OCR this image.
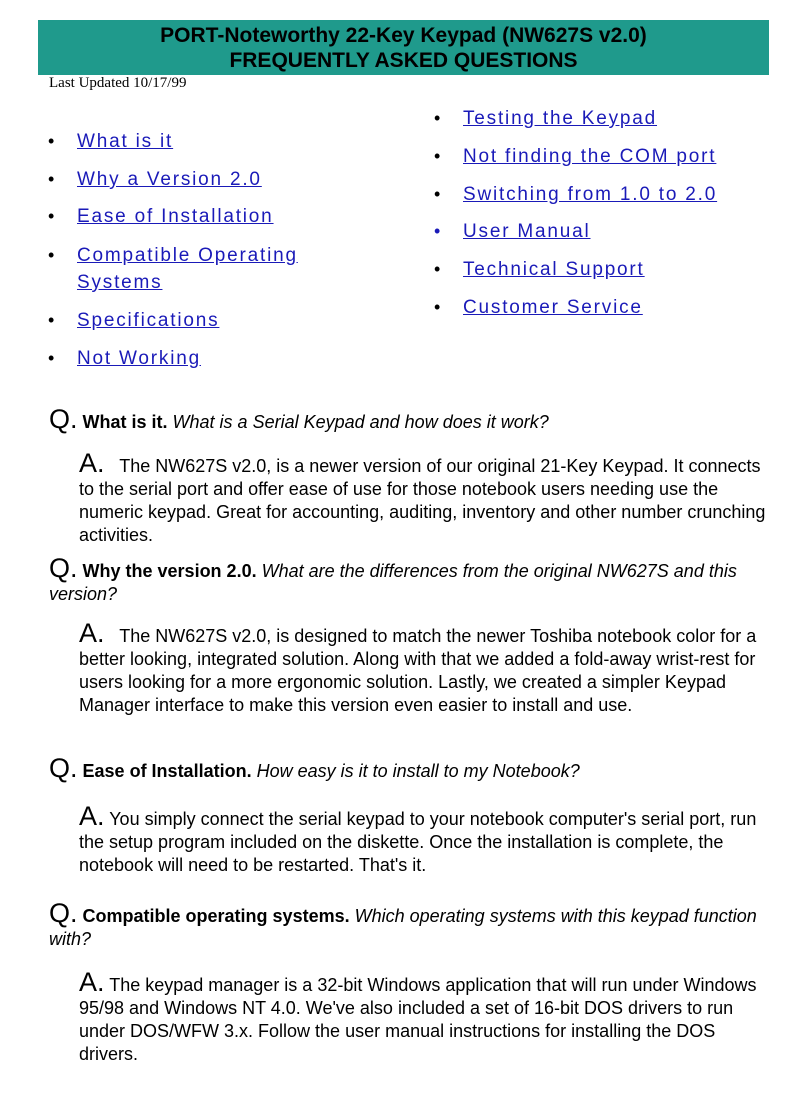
PORT-Noteworthy 22-Key Keypad (NW627S v2.0)
FREQUENTLY ASKED QUESTIONS
Last Updated 10/17/99
• What is it
• Why a Version 2.0
• Ease of Installation
• Compatible Operating Systems
• Specifications
• Not Working
• Testing the Keypad
• Not finding the COM port
• Switching from 1.0 to 2.0
• User Manual
• Technical Support
• Customer Service
Q. What is it. What is a Serial Keypad and how does it work?
A. The NW627S v2.0, is a newer version of our original 21-Key Keypad. It connects to the serial port and offer ease of use for those notebook users needing use the numeric keypad. Great for accounting, auditing, inventory and other number crunching activities.
Q. Why the version 2.0. What are the differences from the original NW627S and this version?
A. The NW627S v2.0, is designed to match the newer Toshiba notebook color for a better looking, integrated solution. Along with that we added a fold-away wrist-rest for users looking for a more ergonomic solution. Lastly, we created a simpler Keypad Manager interface to make this version even easier to install and use.
Q. Ease of Installation. How easy is it to install to my Notebook?
A. You simply connect the serial keypad to your notebook computer's serial port, run the setup program included on the diskette. Once the installation is complete, the notebook will need to be restarted. That's it.
Q. Compatible operating systems. Which operating systems with this keypad function with?
A. The keypad manager is a 32-bit Windows application that will run under Windows 95/98 and Windows NT 4.0. We've also included a set of 16-bit DOS drivers to run under DOS/WFW 3.x. Follow the user manual instructions for installing the DOS drivers.
